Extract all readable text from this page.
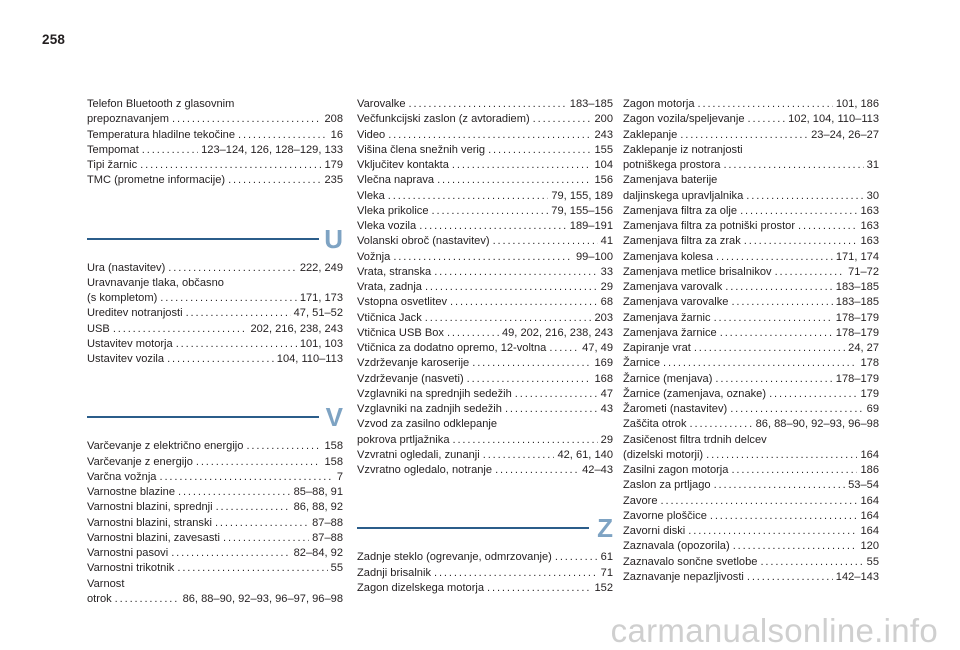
258
Telefon Bluetooth z glasovnim
prepoznavanjem . . .	208
Temperatura hladilne tekočine . . .	16
Tempomat . . .	123–124, 126, 128–129, 133
Tipi žarnic . . .	179
TMC (prometne informacije) . . .	235
U
Ura (nastavitev) . . .	222, 249
Uravnavanje tlaka, občasno
(s kompletom) . . .	171, 173
Ureditev notranjosti . . .	47, 51–52
USB . . .	202, 216, 238, 243
Ustavitev motorja . . .	101, 103
Ustavitev vozila . . .	104, 110–113
V
Varčevanje z električno energijo . . .	158
Varčevanje z energijo . . .	158
Varčna vožnja . . .	7
Varnostne blazine . . .	85–88, 91
Varnostni blazini, sprednji . . .	86, 88, 92
Varnostni blazini, stranski . . .	87–88
Varnostni blazini, zavesasti . . .	87–88
Varnostni pasovi . . .	82–84, 92
Varnostni trikotnik . . .	55
Varnost
otrok . . .	86, 88–90, 92–93, 96–97, 96–98
Varovalke . . .	183–185
Večfunkcijski zaslon (z avtoradiem) . . .	200
Video . . .	243
Višina člena snežnih verig . . .	155
Vključitev kontakta . . .	104
Vlečna naprava . . .	156
Vleka . . .	79, 155, 189
Vleka prikolice . . .	79, 155–156
Vleka vozila . . .	189–191
Volanski obroč (nastavitev) . . .	41
Vožnja . . .	99–100
Vrata, stranska . . .	33
Vrata, zadnja . . .	29
Vstopna osvetlitev . . .	68
Vtičnica Jack . . .	203
Vtičnica USB Box . . .	49, 202, 216, 238, 243
Vtičnica za dodatno opremo, 12-voltna . . .	47, 49
Vzdrževanje karoserije . . .	169
Vzdrževanje (nasveti) . . .	168
Vzglavniki na sprednjih sedežih . . .	47
Vzglavniki na zadnjih sedežih . . .	43
Vzvod za zasilno odklepanje
pokrova prtljažnika . . .	29
Vzvratni ogledali, zunanji . . .	42, 61, 140
Vzvratno ogledalo, notranje . . .	42–43
Z
Zadnje steklo (ogrevanje, odmrzovanje) . . .	61
Zadnji brisalnik . . .	71
Zagon dizelskega motorja . . .	152
Zagon motorja . . .	101, 186
Zagon vozila/speljevanje . . .	102, 104, 110–113
Zaklepanje . . .	23–24, 26–27
Zaklepanje iz notranjosti
potniškega prostora . . .	31
Zamenjava baterije
daljinskega upravljalnika . . .	30
Zamenjava filtra za olje . . .	163
Zamenjava filtra za potniški prostor . . .	163
Zamenjava filtra za zrak . . .	163
Zamenjava kolesa . . .	171, 174
Zamenjava metlice brisalnikov . . .	71–72
Zamenjava varovalk . . .	183–185
Zamenjava varovalke . . .	183–185
Zamenjava žarnic . . .	178–179
Zamenjava žarnice . . .	178–179
Zapiranje vrat . . .	24, 27
Žarnice . . .	178
Žarnice (menjava) . . .	178–179
Žarnice (zamenjava, oznake) . . .	179
Žarometi (nastavitev) . . .	69
Zaščita otrok . . .	86, 88–90, 92–93, 96–98
Zasičenost filtra trdnih delcev
(dizelski motorji) . . .	164
Zasilni zagon motorja . . .	186
Zaslon za prtljago . . .	53–54
Zavore . . .	164
Zavorne ploščice . . .	164
Zavorni diski . . .	164
Zaznavala (opozorila) . . .	120
Zaznavalo sončne svetlobe . . .	55
Zaznavanje nepazljivosti . . .	142–143
carmanualsonline.info
